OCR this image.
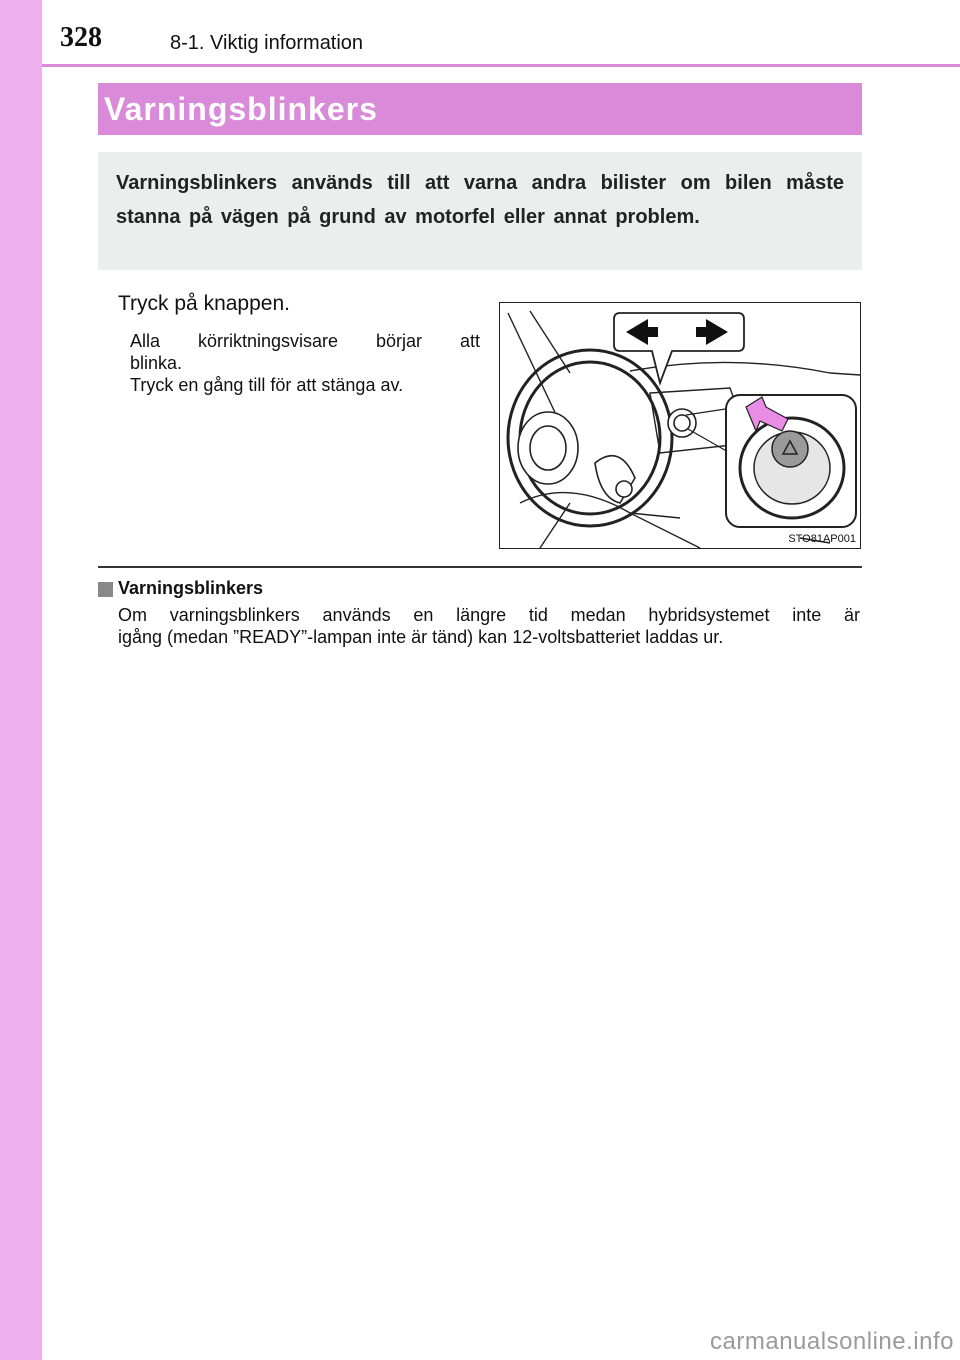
328	8-1. Viktig information
Varningsblinkers
Varningsblinkers används till att varna andra bilister om bilen måste stanna på vägen på grund av motorfel eller annat problem.
Tryck på knappen.

Alla körriktningsvisare börjar att

blinka.

Tryck en gång till för att stänga av.

STO81AP001
Varningsblinkers

Om varningsblinkers används en längre tid medan hybridsystemet inte är

igång (medan ”READY”-lampan inte är tänd) kan 12-voltsbatteriet laddas ur.

carmanualsonline.info
